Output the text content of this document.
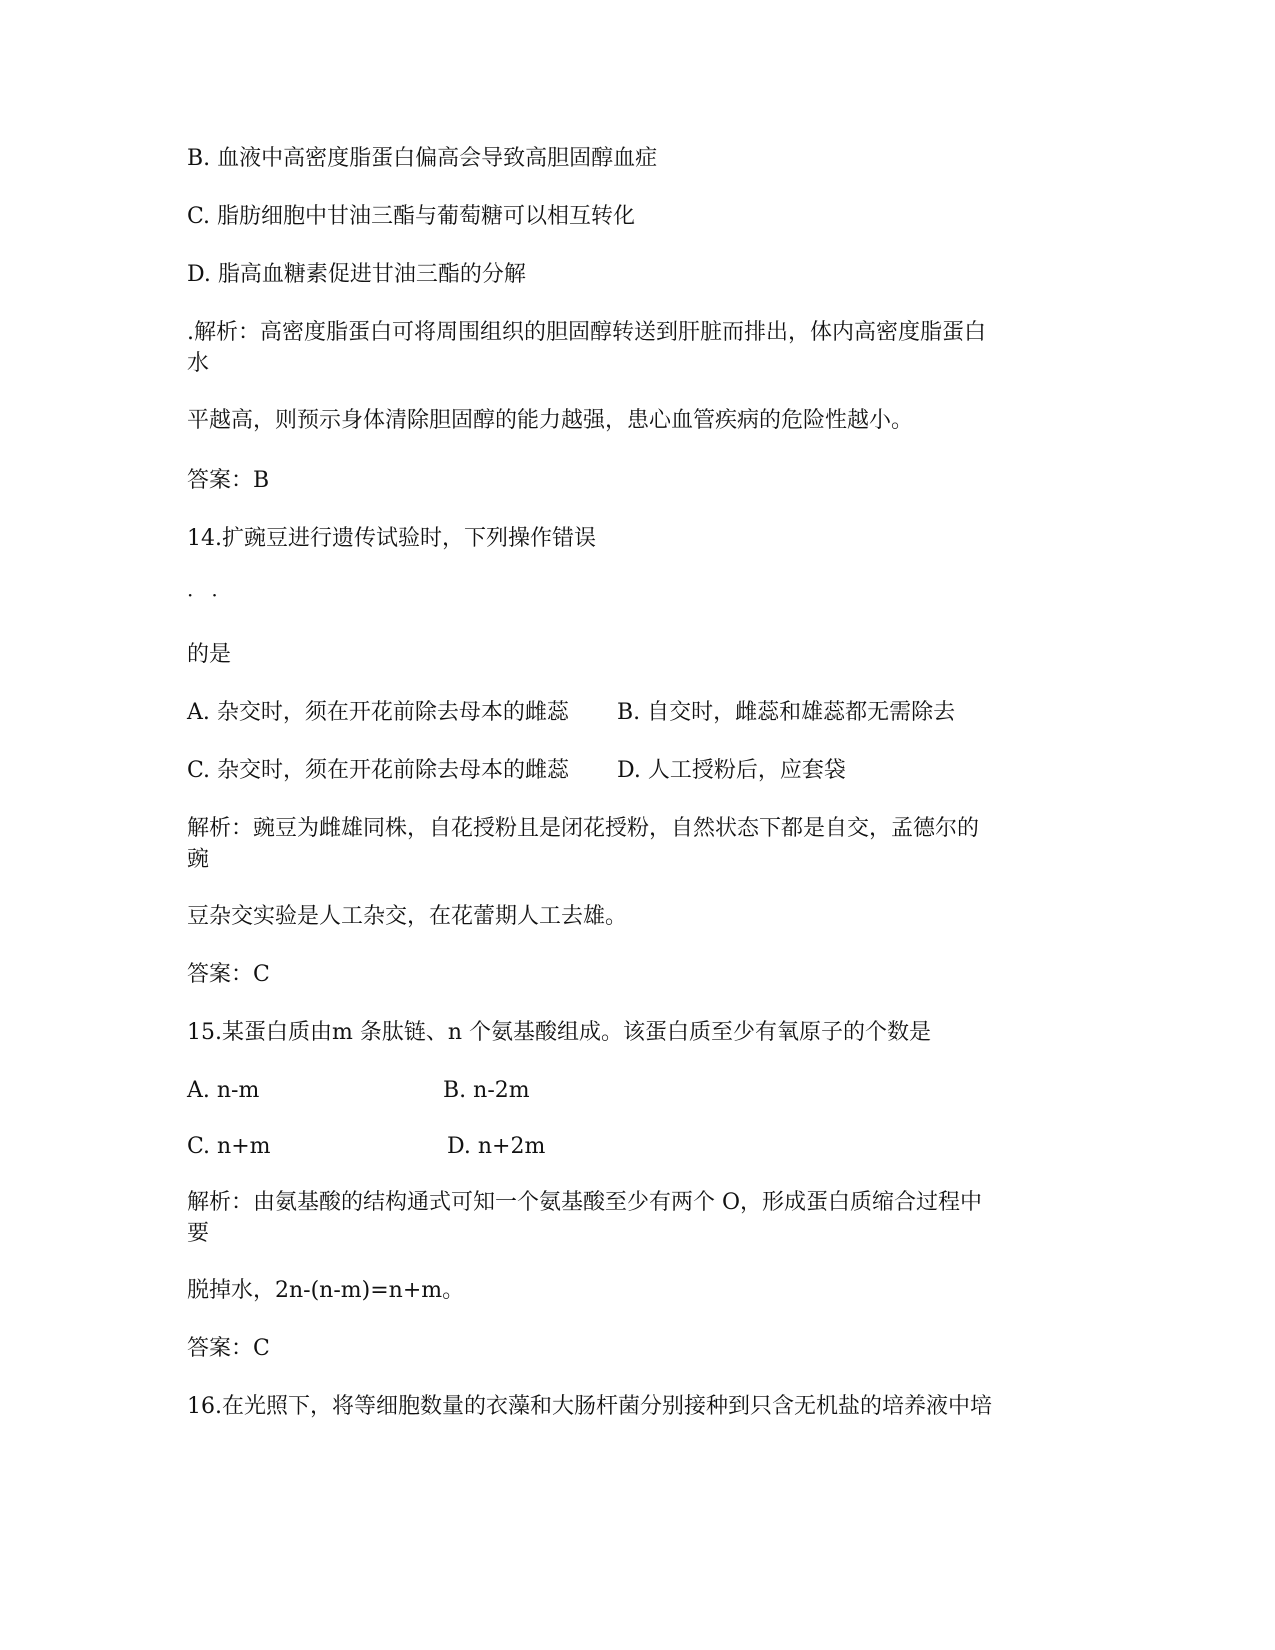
B. 血液中高密度脂蛋白偏高会导致高胆固醇血症
C. 脂肪细胞中甘油三酯与葡萄糖可以相互转化
D. 脂高血糖素促进甘油三酯的分解
.解析：高密度脂蛋白可将周围组织的胆固醇转送到肝脏而排出，体内高密度脂蛋白
水
平越高，则预示身体清除胆固醇的能力越强，患心血管疾病的危险性越小。
答案：B
14.扩豌豆进行遗传试验时，下列操作错误
··
的是
A. 杂交时，须在开花前除去母本的雌蕊 B. 自交时，雌蕊和雄蕊都无需除去
C. 杂交时，须在开花前除去母本的雌蕊 D. 人工授粉后，应套袋
解析：豌豆为雌雄同株，自花授粉且是闭花授粉，自然状态下都是自交，孟德尔的
豌
豆杂交实验是人工杂交，在花蕾期人工去雄。
答案：C
15.某蛋白质由m 条肽链、n 个氨基酸组成。该蛋白质至少有氧原子的个数是
A. n-m	B. n-2m
C. n+m	D. n+2m
解析：由氨基酸的结构通式可知一个氨基酸至少有两个 O，形成蛋白质缩合过程中
要
脱掉水，2n-(n-m)=n+m。
答案：C
16.在光照下，将等细胞数量的衣藻和大肠杆菌分别接种到只含无机盐的培养液中培
